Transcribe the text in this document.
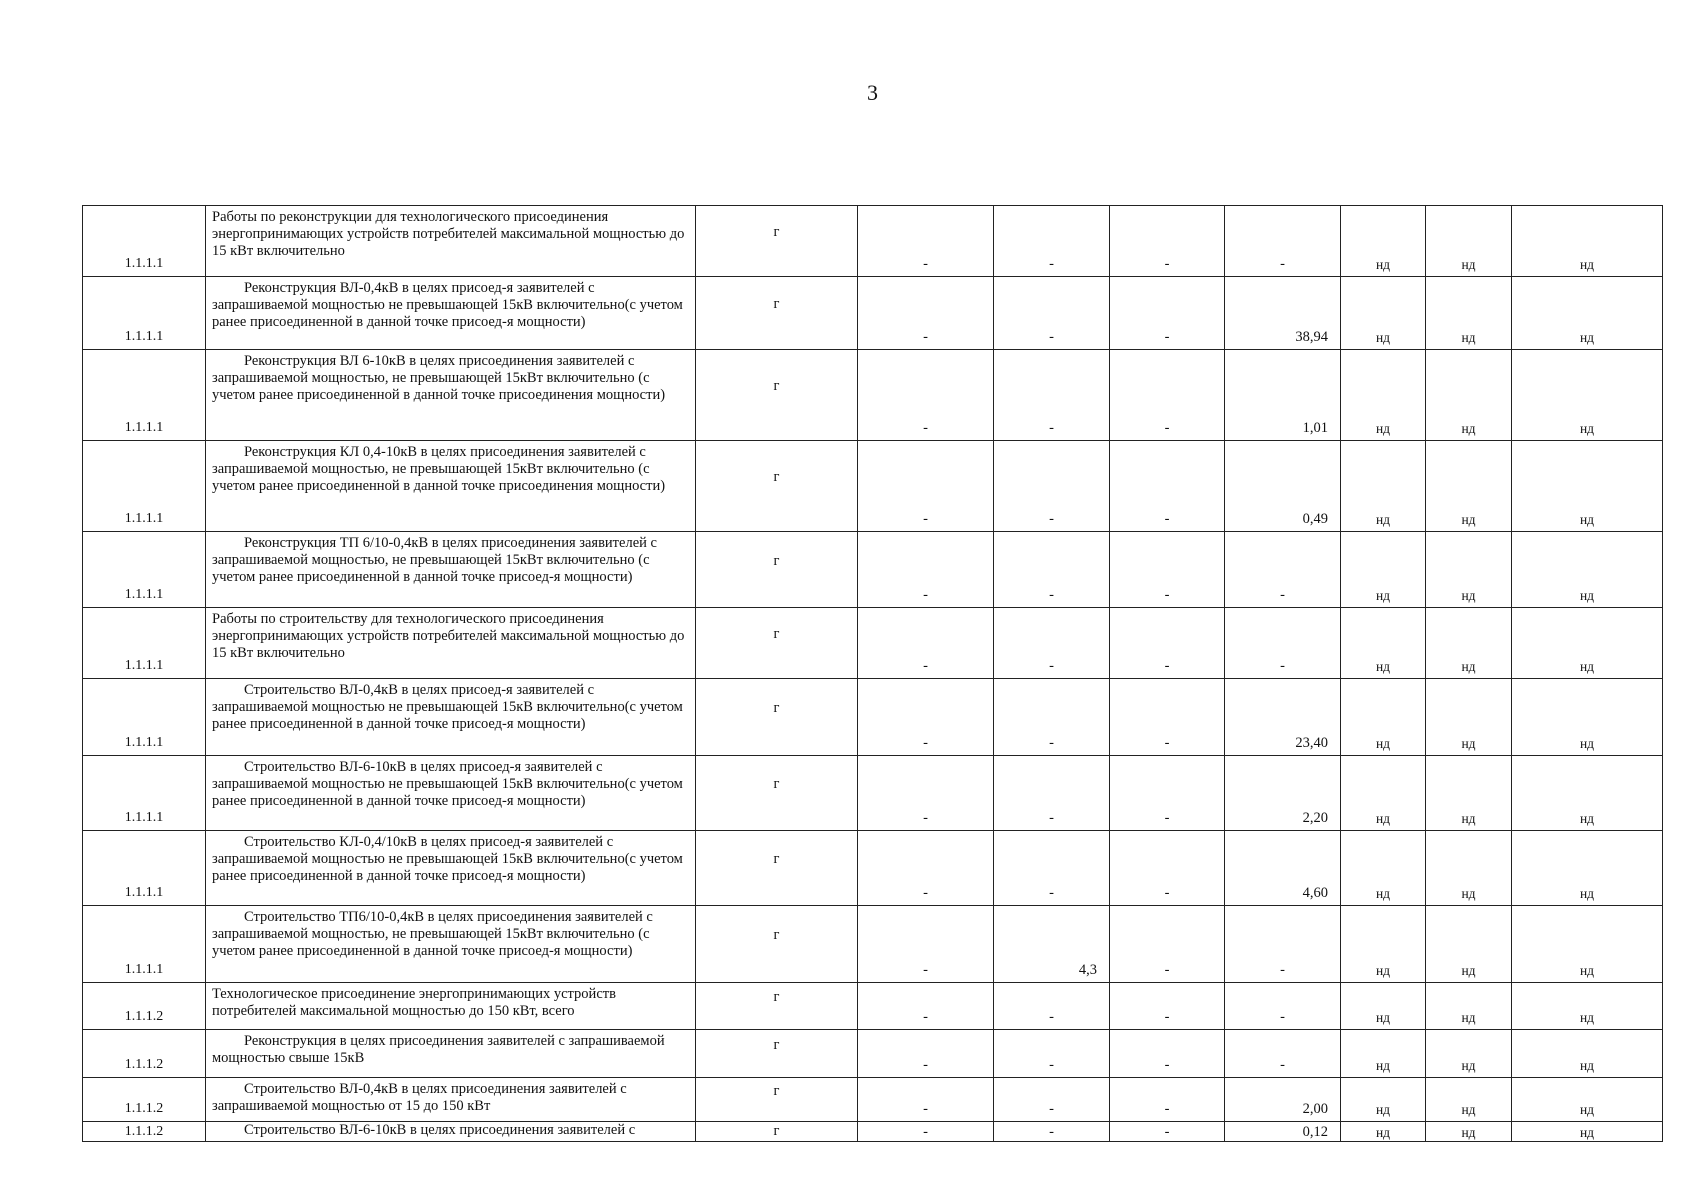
3
1.1.1.1	Работы по реконструкции для технологического присоединения энергопринимающих устройств потребителей максимальной мощностью до 15 кВт включительно	г	-	-	-	-	нд	нд	нд
1.1.1.1	Реконструкция ВЛ-0,4кВ в целях присоед-я заявителей с запрашиваемой мощностью не превышающей 15кВ включительно(с учетом ранее присоединенной в данной точке присоед-я мощности)	г	-	-	-	38,94	нд	нд	нд
1.1.1.1	Реконструкция ВЛ 6-10кВ в целях присоединения заявителей с запрашиваемой мощностью, не превышающей 15кВт включительно (с учетом ранее присоединенной в данной точке присоединения мощности)	г	-	-	-	1,01	нд	нд	нд
1.1.1.1	Реконструкция КЛ 0,4-10кВ в целях присоединения заявителей с запрашиваемой мощностью, не превышающей 15кВт включительно (с учетом ранее присоединенной в данной точке присоединения мощности)	г	-	-	-	0,49	нд	нд	нд
1.1.1.1	Реконструкция ТП 6/10-0,4кВ в целях присоединения заявителей с запрашиваемой мощностью, не превышающей 15кВт включительно (с учетом ранее присоединенной в данной точке присоед-я мощности)	г	-	-	-	-	нд	нд	нд
1.1.1.1	Работы по строительству для технологического присоединения энергопринимающих устройств потребителей максимальной мощностью до 15 кВт включительно	г	-	-	-	-	нд	нд	нд
1.1.1.1	Строительство ВЛ-0,4кВ в целях присоед-я заявителей с запрашиваемой мощностью не превышающей 15кВ включительно(с учетом ранее присоединенной в данной точке присоед-я мощности)	г	-	-	-	23,40	нд	нд	нд
1.1.1.1	Строительство ВЛ-6-10кВ в целях присоед-я заявителей с запрашиваемой мощностью не превышающей 15кВ включительно(с учетом ранее присоединенной в данной точке присоед-я мощности)	г	-	-	-	2,20	нд	нд	нд
1.1.1.1	Строительство КЛ-0,4/10кВ в целях присоед-я заявителей с запрашиваемой мощностью не превышающей 15кВ включительно(с учетом ранее присоединенной в данной точке присоед-я мощности)	г	-	-	-	4,60	нд	нд	нд
1.1.1.1	Строительство ТП6/10-0,4кВ в целях присоединения заявителей с запрашиваемой мощностью, не превышающей 15кВт включительно (с учетом ранее присоединенной в данной точке присоед-я мощности)	г	-	4,3	-	-	нд	нд	нд
1.1.1.2	Технологическое присоединение энергопринимающих устройств потребителей максимальной мощностью до 150 кВт, всего	г	-	-	-	-	нд	нд	нд
1.1.1.2	Реконструкция в целях присоединения заявителей с запрашиваемой мощностью свыше 15кВ	г	-	-	-	-	нд	нд	нд
1.1.1.2	Строительство ВЛ-0,4кВ в целях присоединения заявителей с запрашиваемой мощностью от 15 до 150 кВт	г	-	-	-	2,00	нд	нд	нд
1.1.1.2	Строительство ВЛ-6-10кВ в целях присоединения заявителей с	г	-	-	-	0,12	нд	нд	нд
